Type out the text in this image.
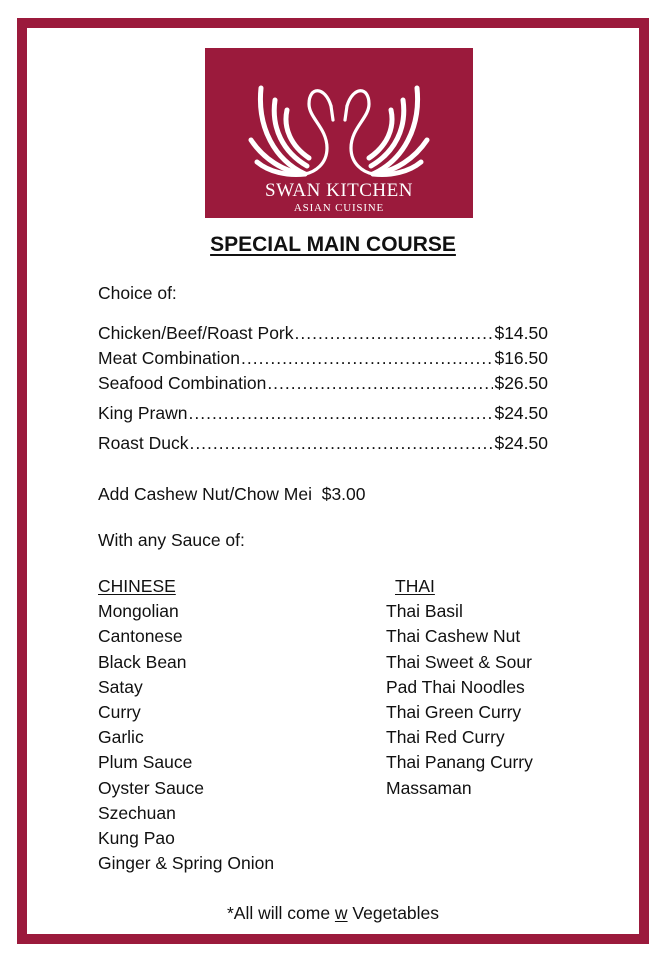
SWAN KITCHEN
ASIAN CUISINE
SPECIAL MAIN COURSE
Choice of:
Chicken/Beef/Roast Pork .....	$14.50
Meat Combination .....	$16.50
Seafood Combination .....	$26.50
King Prawn .....	$24.50
Roast Duck .....	$24.50
Add Cashew Nut/Chow Mei $3.00
With any Sauce of:
CHINESE
Mongolian
Cantonese
Black Bean
Satay
Curry
Garlic
Plum Sauce
Oyster Sauce
Szechuan
Kung Pao
Ginger & Spring Onion
THAI
Thai Basil
Thai Cashew Nut
Thai Sweet & Sour
Pad Thai Noodles
Thai Green Curry
Thai Red Curry
Thai Panang Curry
Massaman
*All will come w Vegetables
